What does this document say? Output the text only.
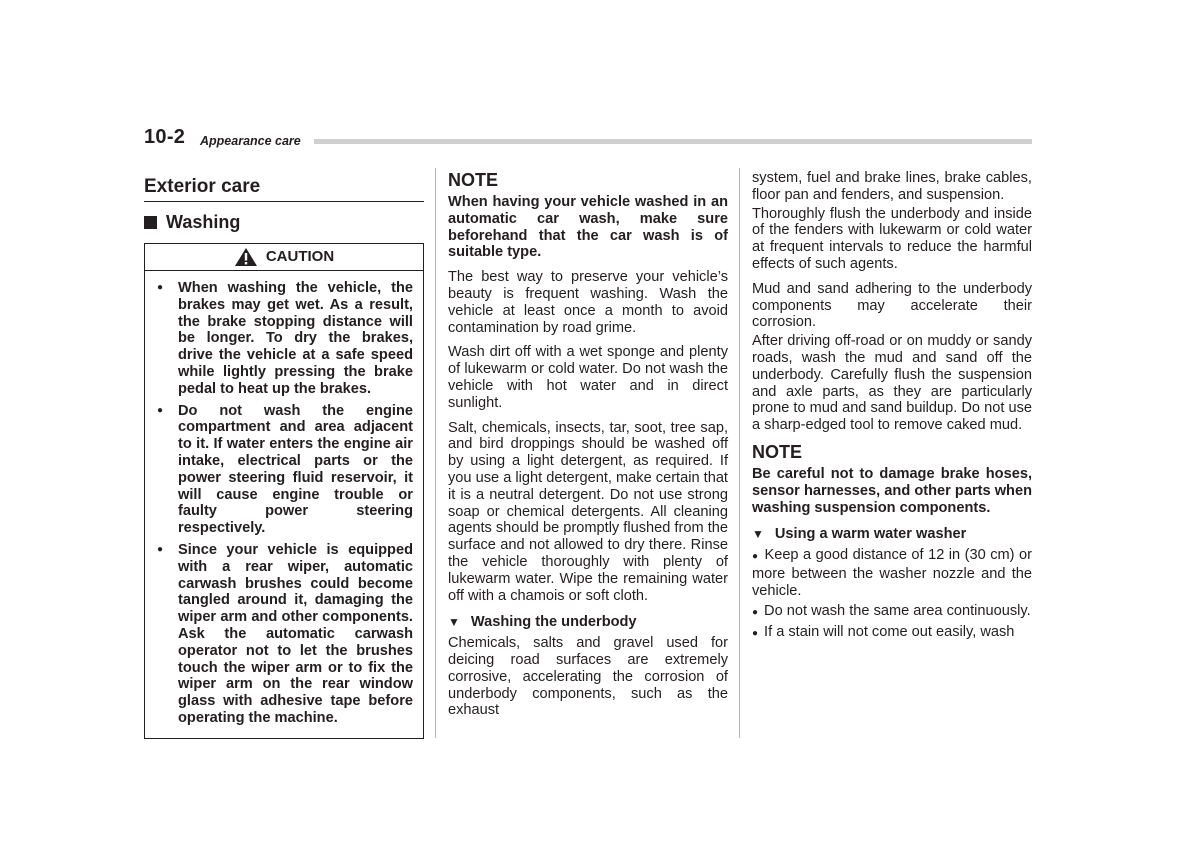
10-2 Appearance care
Exterior care
Washing
CAUTION
●	When washing the vehicle, the brakes may get wet. As a result, the brake stopping distance will be longer. To dry the brakes, drive the vehicle at a safe speed while lightly pressing the brake pedal to heat up the brakes.
●	Do not wash the engine compartment and area adjacent to it. If water enters the engine air intake, electrical parts or the power steering fluid reservoir, it will cause engine trouble or faulty power steering respectively.
●	Since your vehicle is equipped with a rear wiper, automatic carwash brushes could become tangled around it, damaging the wiper arm and other components. Ask the automatic carwash operator not to let the brushes touch the wiper arm or to fix the wiper arm on the rear window glass with adhesive tape before operating the machine.
NOTE

When having your vehicle washed in an automatic car wash, make sure beforehand that the car wash is of suitable type.

The best way to preserve your vehicle’s beauty is frequent washing. Wash the vehicle at least once a month to avoid contamination by road grime.

Wash dirt off with a wet sponge and plenty of lukewarm or cold water. Do not wash the vehicle with hot water and in direct sunlight.

Salt, chemicals, insects, tar, soot, tree sap, and bird droppings should be washed off by using a light detergent, as required. If you use a light detergent, make certain that it is a neutral detergent. Do not use strong soap or chemical detergents. All cleaning agents should be promptly flushed from the surface and not allowed to dry there. Rinse the vehicle thoroughly with plenty of lukewarm water. Wipe the remaining water off with a chamois or soft cloth.

▼ Washing the underbody

Chemicals, salts and gravel used for deicing road surfaces are extremely corrosive, accelerating the corrosion of underbody components, such as the exhaust

system, fuel and brake lines, brake cables, floor pan and fenders, and suspension.

Thoroughly flush the underbody and inside of the fenders with lukewarm or cold water at frequent intervals to reduce the harmful effects of such agents.

Mud and sand adhering to the underbody components may accelerate their corrosion.

After driving off-road or on muddy or sandy roads, wash the mud and sand off the underbody. Carefully flush the suspension and axle parts, as they are particularly prone to mud and sand buildup. Do not use a sharp-edged tool to remove caked mud.

NOTE

Be careful not to damage brake hoses, sensor harnesses, and other parts when washing suspension components.

▼ Using a warm water washer
● Keep a good distance of 12 in (30 cm) or more between the washer nozzle and the vehicle.
● Do not wash the same area continuously.
● If a stain will not come out easily, wash
